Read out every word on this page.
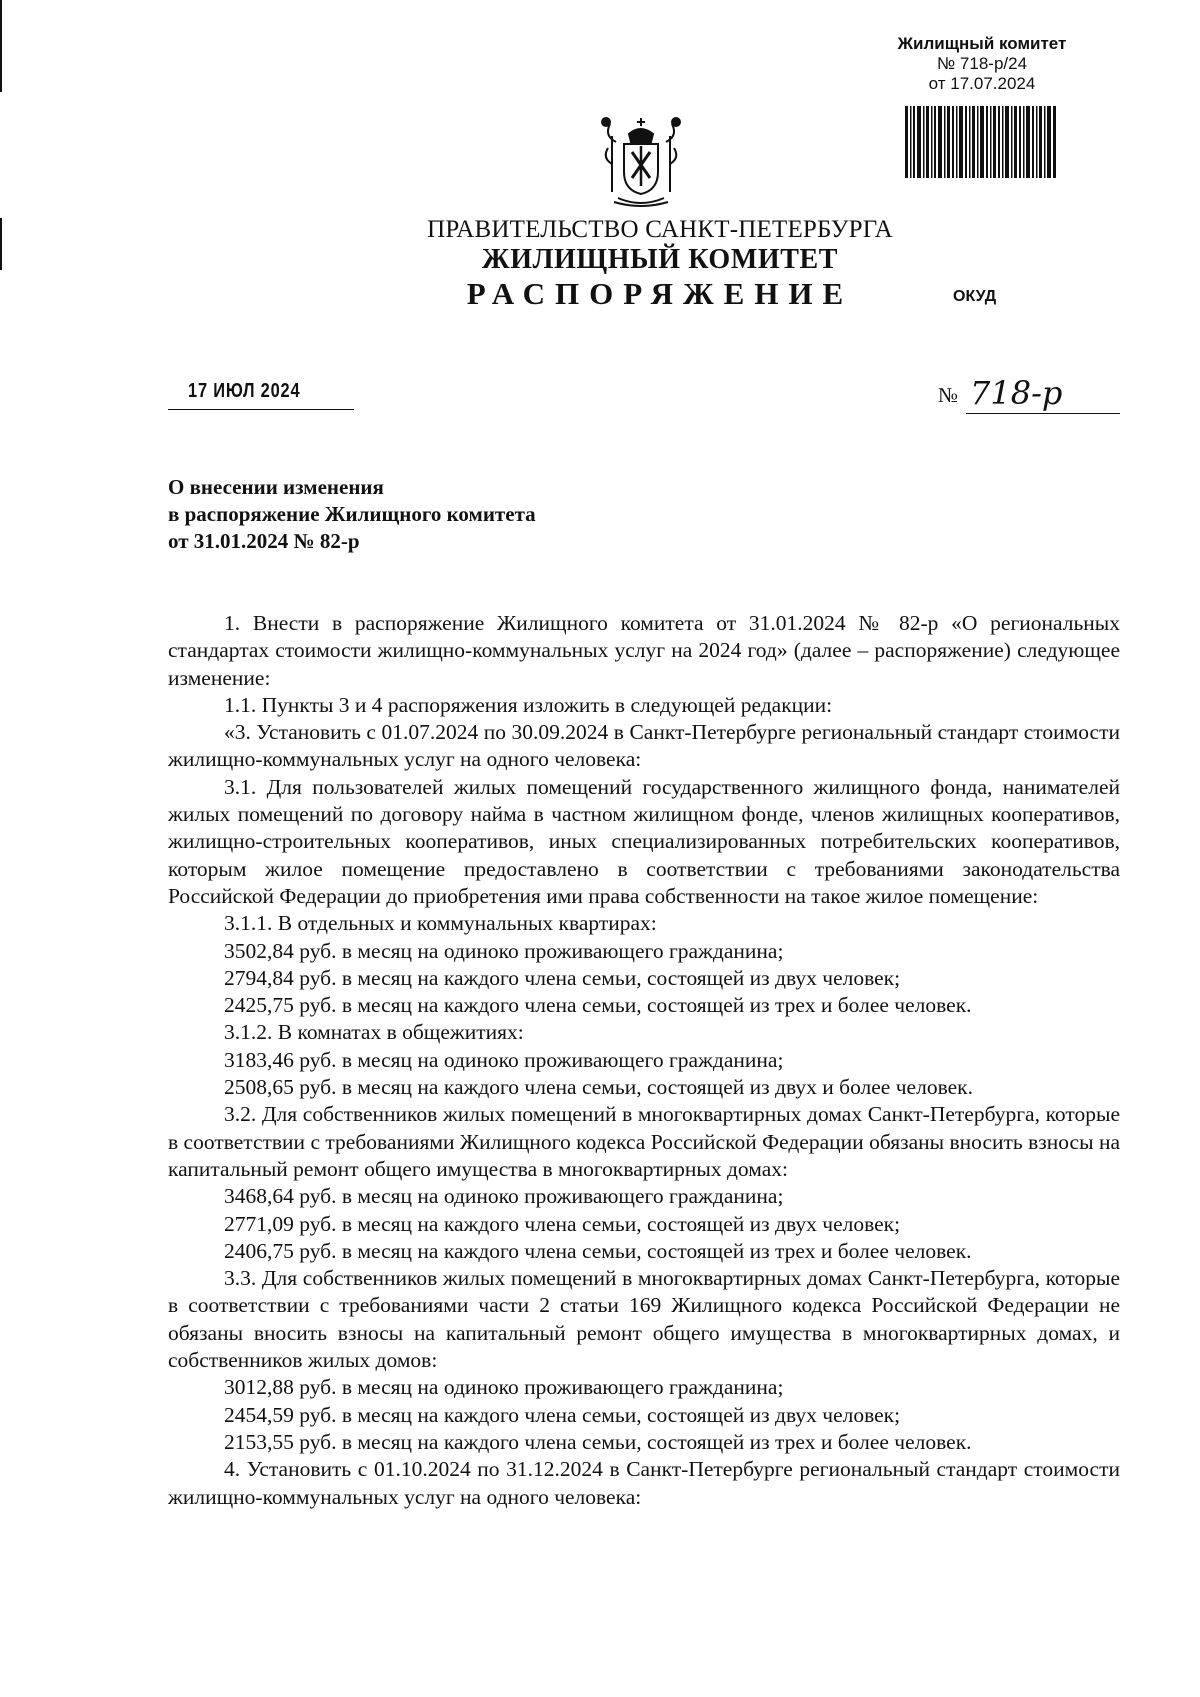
Жилищный комитет
№ 718-р/24
от 17.07.2024
ПРАВИТЕЛЬСТВО САНКТ-ПЕТЕРБУРГА
ЖИЛИЩНЫЙ КОМИТЕТ
РАСПОРЯЖЕНИЕ	ОКУД
17 ИЮЛ 2024	№ 718-р
О внесении изменения
в распоряжение Жилищного комитета
от 31.01.2024 № 82-р

1. Внести в распоряжение Жилищного комитета от 31.01.2024 № 82-р «О региональных стандартах стоимости жилищно-коммунальных услуг на 2024 год» (далее – распоряжение) следующее изменение:

1.1. Пункты 3 и 4 распоряжения изложить в следующей редакции:

«3. Установить с 01.07.2024 по 30.09.2024 в Санкт-Петербурге региональный стандарт стоимости жилищно-коммунальных услуг на одного человека:

3.1. Для пользователей жилых помещений государственного жилищного фонда, нанимателей жилых помещений по договору найма в частном жилищном фонде, членов жилищных кооперативов, жилищно-строительных кооперативов, иных специализированных потребительских кооперативов, которым жилое помещение предоставлено в соответствии с требованиями законодательства Российской Федерации до приобретения ими права собственности на такое жилое помещение:

3.1.1. В отдельных и коммунальных квартирах:

3502,84 руб. в месяц на одиноко проживающего гражданина;

2794,84 руб. в месяц на каждого члена семьи, состоящей из двух человек;

2425,75 руб. в месяц на каждого члена семьи, состоящей из трех и более человек.

3.1.2. В комнатах в общежитиях:

3183,46 руб. в месяц на одиноко проживающего гражданина;

2508,65 руб. в месяц на каждого члена семьи, состоящей из двух и более человек.

3.2. Для собственников жилых помещений в многоквартирных домах Санкт-Петербурга, которые в соответствии с требованиями Жилищного кодекса Российской Федерации обязаны вносить взносы на капитальный ремонт общего имущества в многоквартирных домах:

3468,64 руб. в месяц на одиноко проживающего гражданина;

2771,09 руб. в месяц на каждого члена семьи, состоящей из двух человек;

2406,75 руб. в месяц на каждого члена семьи, состоящей из трех и более человек.

3.3. Для собственников жилых помещений в многоквартирных домах Санкт-Петербурга, которые в соответствии с требованиями части 2 статьи 169 Жилищного кодекса Российской Федерации не обязаны вносить взносы на капитальный ремонт общего имущества в многоквартирных домах, и собственников жилых домов:

3012,88 руб. в месяц на одиноко проживающего гражданина;

2454,59 руб. в месяц на каждого члена семьи, состоящей из двух человек;

2153,55 руб. в месяц на каждого члена семьи, состоящей из трех и более человек.

4. Установить с 01.10.2024 по 31.12.2024 в Санкт-Петербурге региональный стандарт стоимости жилищно-коммунальных услуг на одного человека:
